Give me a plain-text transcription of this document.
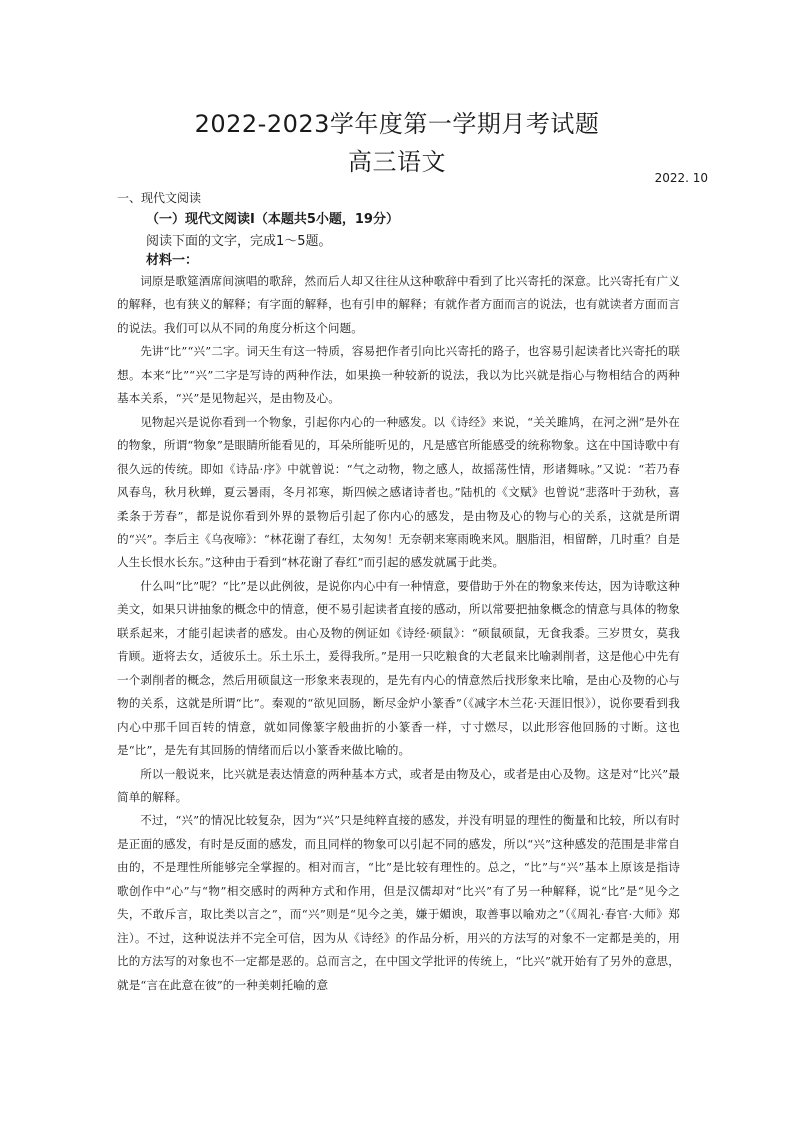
2022-2023学年度第一学期月考试题
高三语文
2022. 10
一、现代文阅读
（一）现代文阅读Ⅰ（本题共5小题，19分）
阅读下面的文字，完成1～5题。
材料一：

词原是歌筵酒席间演唱的歌辞，然而后人却又往往从这种歌辞中看到了比兴寄托的深意。比兴寄托有广义的解释，也有狭义的解释；有字面的解释，也有引申的解释；有就作者方面而言的说法，也有就读者方面而言的说法。我们可以从不同的角度分析这个问题。

先讲“比”“兴”二字。词天生有这一特质，容易把作者引向比兴寄托的路子，也容易引起读者比兴寄托的联想。本来“比”“兴”二字是写诗的两种作法，如果换一种较新的说法，我以为比兴就是指心与物相结合的两种基本关系，“兴”是见物起兴，是由物及心。

见物起兴是说你看到一个物象，引起你内心的一种感发。以《诗经》来说，“关关雎鸠，在河之洲”是外在的物象，所谓“物象”是眼睛所能看见的，耳朵所能听见的，凡是感官所能感受的统称物象。这在中国诗歌中有很久远的传统。即如《诗品·序》中就曾说：“气之动物，物之感人，故摇荡性情，形诸舞咏。”又说：“若乃春风春鸟，秋月秋蝉，夏云暑雨，冬月祁寒，斯四候之感诸诗者也。”陆机的《文赋》也曾说“悲落叶于劲秋，喜柔条于芳春”，都是说你看到外界的景物后引起了你内心的感发，是由物及心的物与心的关系，这就是所谓的“兴”。李后主《乌夜啼》：“林花谢了春红，太匆匆！无奈朝来寒雨晚来风。胭脂泪，相留醉，几时重？自是人生长恨水长东。”这种由于看到“林花谢了春红”而引起的感发就属于此类。

什么叫“比”呢？“比”是以此例彼，是说你内心中有一种情意，要借助于外在的物象来传达，因为诗歌这种美文，如果只讲抽象的概念中的情意，便不易引起读者直接的感动，所以常要把抽象概念的情意与具体的物象联系起来，才能引起读者的感发。由心及物的例证如《诗经·硕鼠》：“硕鼠硕鼠，无食我黍。三岁贯女，莫我肯顾。逝将去女，适彼乐土。乐土乐土，爰得我所。”是用一只吃粮食的大老鼠来比喻剥削者，这是他心中先有一个剥削者的概念，然后用硕鼠这一形象来表现的，是先有内心的情意然后找形象来比喻，是由心及物的心与物的关系，这就是所谓“比”。秦观的“欲见回肠，断尽金炉小篆香”（《减字木兰花·天涯旧恨》），说你要看到我内心中那千回百转的情意，就如同像篆字般曲折的小篆香一样，寸寸燃尽，以此形容他回肠的寸断。这也是“比”，是先有其回肠的情绪而后以小篆香来做比喻的。

所以一般说来，比兴就是表达情意的两种基本方式，或者是由物及心，或者是由心及物。这是对“比兴”最简单的解释。

不过，“兴”的情况比较复杂，因为“兴”只是纯粹直接的感发，并没有明显的理性的衡量和比较，所以有时是正面的感发，有时是反面的感发，而且同样的物象可以引起不同的感发，所以“兴”这种感发的范围是非常自由的，不是理性所能够完全掌握的。相对而言，“比”是比较有理性的。总之，“比”与“兴”基本上原该是指诗歌创作中“心”与“物”相交感时的两种方式和作用，但是汉儒却对“比兴”有了另一种解释，说“比”是“见今之失，不敢斥言，取比类以言之”，而“兴”则是“见今之美，嫌于媚谀，取善事以喻劝之”（《周礼·春官·大师》郑注）。不过，这种说法并不完全可信，因为从《诗经》的作品分析，用兴的方法写的对象不一定都是美的，用比的方法写的对象也不一定都是恶的。总而言之，在中国文学批评的传统上，“比兴”就开始有了另外的意思，就是“言在此意在彼”的一种美刺托喻的意
